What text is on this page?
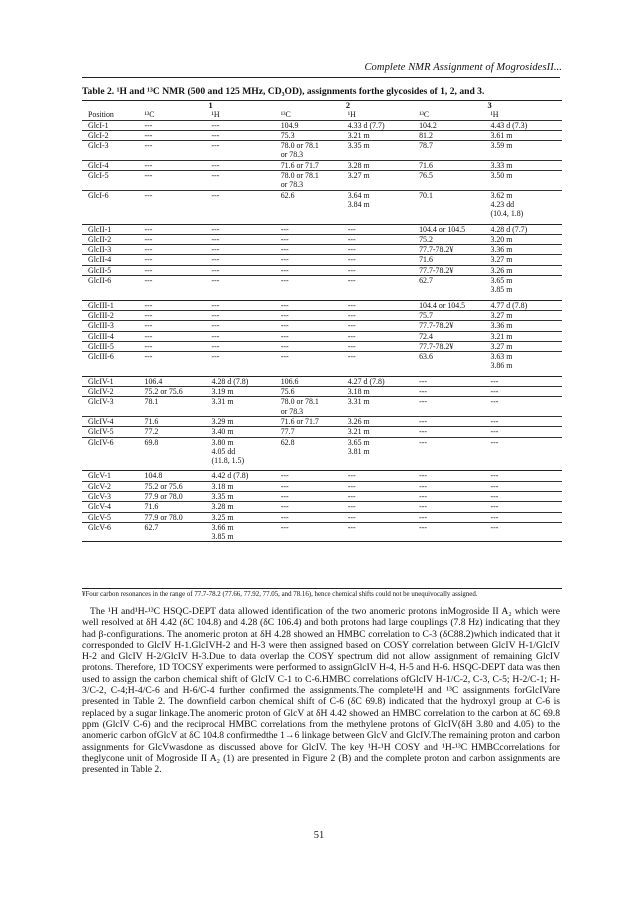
Complete NMR Assignment of MogrosidesII...
Table 2. ¹H and ¹³C NMR (500 and 125 MHz, CD₃OD), assignments forthe glycosides of 1, 2, and 3.
	1		2		3	
Position	¹³C	¹H	¹³C	¹H	¹³C	¹H
GlcI-1	---	---	104.9	4.33 d (7.7)	104.2	4.43 d (7.3)
GlcI-2	---	---	75.3	3.21 m	81.2	3.61 m
GlcI-3	---	---	78.0 or 78.1
or 78.3	3.35 m	78.7	3.59 m
GlcI-4	---	---	71.6 or 71.7	3.28 m	71.6	3.33 m
GlcI-5	---	---	78.0 or 78.1
or 78.3	3.27 m	76.5	3.50 m
GlcI-6	---	---	62.6	3.64 m
3.84 m	70.1	3.62 m
4.23 dd
(10.4, 1.8)

GlcII-1	---	---	---	---	104.4 or 104.5	4.28 d (7.7)
GlcII-2	---	---	---	---	75.2	3.20 m
GlcII-3	---	---	---	---	77.7-78.2¥	3.36 m
GlcII-4	---	---	---	---	71.6	3.27 m
GlcII-5	---	---	---	---	77.7-78.2¥	3.26 m
GlcII-6	---	---	---	---	62.7	3.65 m
3.85 m

GlcIII-1	---	---	---	---	104.4 or 104.5	4.77 d (7.8)
GlcIII-2	---	---	---	---	75.7	3.27 m
GlcIII-3	---	---	---	---	77.7-78.2¥	3.36 m
GlcIII-4	---	---	---	---	72.4	3.21 m
GlcIII-5	---	---	---	---	77.7-78.2¥	3.27 m
GlcIII-6	---	---	---	---	63.6	3.63 m
3.86 m

GlcIV-1	106.4	4.28 d (7.8)	106.6	4.27 d (7.8)	---	---
GlcIV-2	75.2 or 75.6	3.19 m	75.6	3.18 m	---	---
GlcIV-3	78.1	3.31 m	78.0 or 78.1
or 78.3	3.31 m	---	---
GlcIV-4	71.6	3.29 m	71.6 or 71.7	3.26 m	---	---
GlcIV-5	77.2	3.40 m	77.7	3.21 m	---	---
GlcIV-6	69.8	3.80 m
4.05 dd
(11.8, 1.5)	62.8	3.65 m
3.81 m	---	---

GlcV-1	104.8	4.42 d (7.8)	---	---	---	---
GlcV-2	75.2 or 75.6	3.18 m	---	---	---	---
GlcV-3	77.9 or 78.0	3.35 m	---	---	---	---
GlcV-4	71.6	3.28 m	---	---	---	---
GlcV-5	77.9 or 78.0	3.25 m	---	---	---	---
GlcV-6	62.7	3.66 m
3.85 m	---	---	---	---
¥Four carbon resonances in the range of 77.7-78.2 (77.66, 77.92, 77.05, and 78.16), hence chemical shifts could not be unequivocally assigned.

The ¹H and¹H-¹³C HSQC-DEPT data allowed identification of the two anomeric protons inMogroside II A₂ which were well resolved at δH 4.42 (δC 104.8) and 4.28 (δC 106.4) and both protons had large couplings (7.8 Hz) indicating that they had β-configurations. The anomeric proton at δH 4.28 showed an HMBC correlation to C-3 (δC88.2)which indicated that it corresponded to GlcIV H-1.GlcIVH-2 and H-3 were then assigned based on COSY correlation between GlcIV H-1/GlcIV H-2 and GlcIV H-2/GlcIV H-3.Due to data overlap the COSY spectrum did not allow assignment of remaining GlcIV protons. Therefore, 1D TOCSY experiments were performed to assignGlcIV H-4, H-5 and H-6. HSQC-DEPT data was then used to assign the carbon chemical shift of GlcIV C-1 to C-6.HMBC correlations ofGlcIV H-1/C-2, C-3, C-5; H-2/C-1; H-3/C-2, C-4;H-4/C-6 and H-6/C-4 further confirmed the assignments.The complete¹H and ¹³C assignments forGlcIVare presented in Table 2. The downfield carbon chemical shift of C-6 (δC 69.8) indicated that the hydroxyl group at C-6 is replaced by a sugar linkage.The anomeric proton of GlcV at δH 4.42 showed an HMBC correlation to the carbon at δC 69.8 ppm (GlcIV C-6) and the reciprocal HMBC correlations from the methylene protons of GlcIV(δH 3.80 and 4.05) to the anomeric carbon ofGlcV at δC 104.8 confirmedthe 1→6 linkage between GlcV and GlcIV.The remaining proton and carbon assignments for GlcVwasdone as discussed above for GlcIV. The key ¹H-¹H COSY and ¹H-¹³C HMBCcorrelations for theglycone unit of Mogroside II A₂ (1) are presented in Figure 2 (B) and the complete proton and carbon assignments are presented in Table 2.

51
